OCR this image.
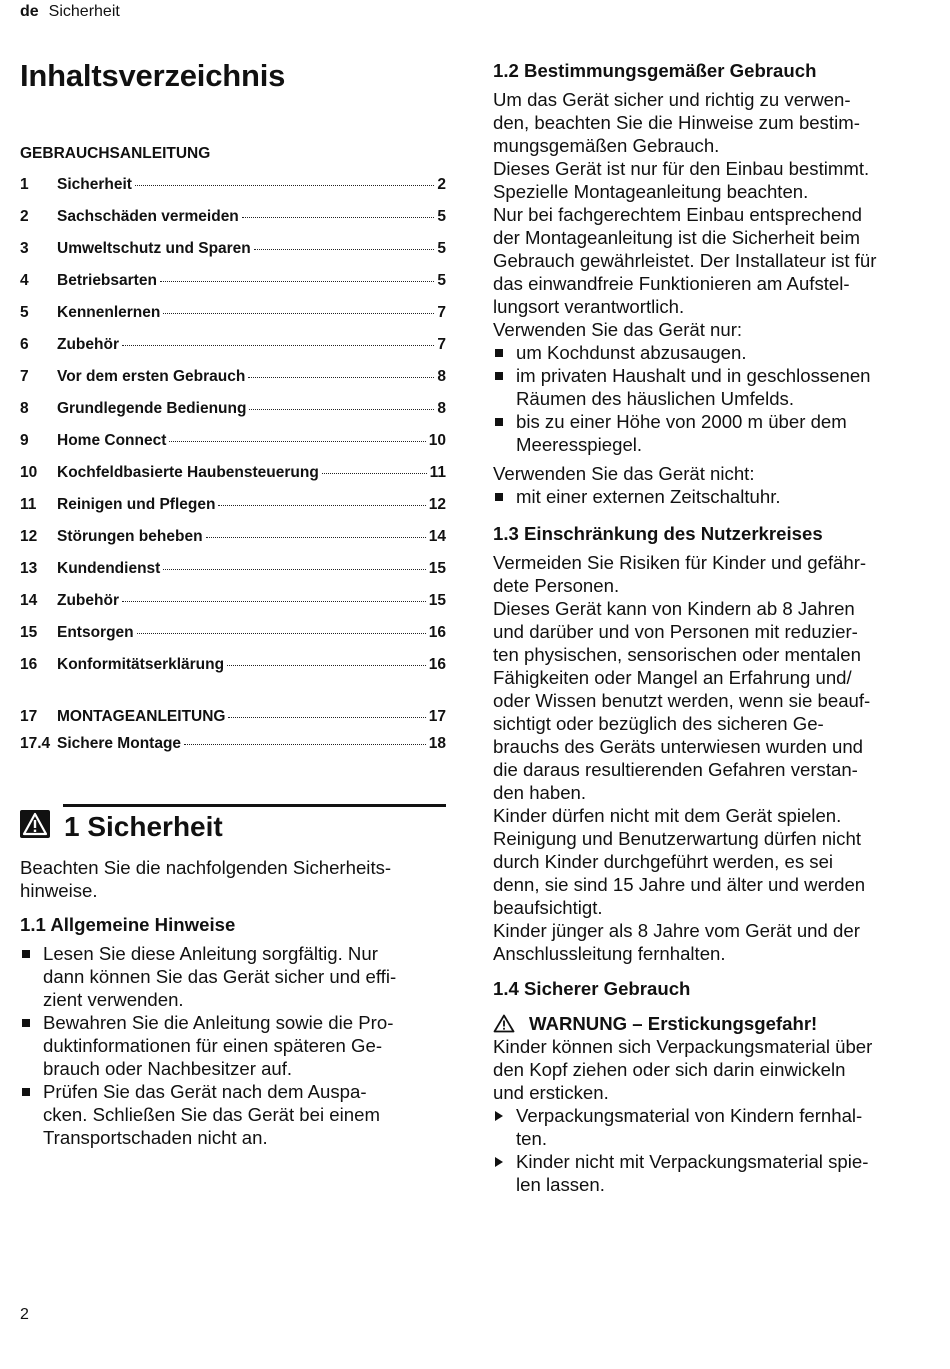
de Sicherheit
Inhaltsverzeichnis
GEBRAUCHSANLEITUNG
1	Sicherheit	2
2	Sachschäden vermeiden	5
3	Umweltschutz und Sparen	5
4	Betriebsarten	5
5	Kennenlernen	7
6	Zubehör	7
7	Vor dem ersten Gebrauch	8
8	Grundlegende Bedienung	8
9	Home Connect	10
10	Kochfeldbasierte Haubensteuerung	11
11	Reinigen und Pflegen	12
12	Störungen beheben	14
13	Kundendienst	15
14	Zubehör	15
15	Entsorgen	16
16	Konformitätserklärung	16
17	MONTAGEANLEITUNG	17
17.4 Sichere Montage	18
1 Sicherheit

Beachten Sie die nachfolgenden Sicherheits-
hinweise.

1.1 Allgemeine Hinweise
Lesen Sie diese Anleitung sorgfältig. Nur
dann können Sie das Gerät sicher und effi-
zient verwenden.
Bewahren Sie die Anleitung sowie die Pro-
duktinformationen für einen späteren Ge-
brauch oder Nachbesitzer auf.
Prüfen Sie das Gerät nach dem Auspa-
cken. Schließen Sie das Gerät bei einem
Transportschaden nicht an.
1.2 Bestimmungsgemäßer Gebrauch

Um das Gerät sicher und richtig zu verwen-
den, beachten Sie die Hinweise zum bestim-
mungsgemäßen Gebrauch.

Dieses Gerät ist nur für den Einbau bestimmt.
Spezielle Montageanleitung beachten.

Nur bei fachgerechtem Einbau entsprechend
der Montageanleitung ist die Sicherheit beim
Gebrauch gewährleistet. Der Installateur ist für
das einwandfreie Funktionieren am Aufstel-
lungsort verantwortlich.

Verwenden Sie das Gerät nur:

um Kochdunst abzusaugen.
im privaten Haushalt und in geschlossenen
Räumen des häuslichen Umfelds.
bis zu einer Höhe von 2000 m über dem
Meeresspiegel.

Verwenden Sie das Gerät nicht:

mit einer externen Zeitschaltuhr.
1.3 Einschränkung des Nutzerkreises

Vermeiden Sie Risiken für Kinder und gefähr-
dete Personen.

Dieses Gerät kann von Kindern ab 8 Jahren
und darüber und von Personen mit reduzier-
ten physischen, sensorischen oder mentalen
Fähigkeiten oder Mangel an Erfahrung und/
oder Wissen benutzt werden, wenn sie beauf-
sichtigt oder bezüglich des sicheren Ge-
brauchs des Geräts unterwiesen wurden und
die daraus resultierenden Gefahren verstan-
den haben.

Kinder dürfen nicht mit dem Gerät spielen.

Reinigung und Benutzerwartung dürfen nicht
durch Kinder durchgeführt werden, es sei
denn, sie sind 15 Jahre und älter und werden
beaufsichtigt.

Kinder jünger als 8 Jahre vom Gerät und der
Anschlussleitung fernhalten.

1.4 Sicherer Gebrauch
WARNUNG – Erstickungsgefahr!

Kinder können sich Verpackungsmaterial über
den Kopf ziehen oder sich darin einwickeln
und ersticken.

Verpackungsmaterial von Kindern fernhal-
ten.
Kinder nicht mit Verpackungsmaterial spie-
len lassen.
2
